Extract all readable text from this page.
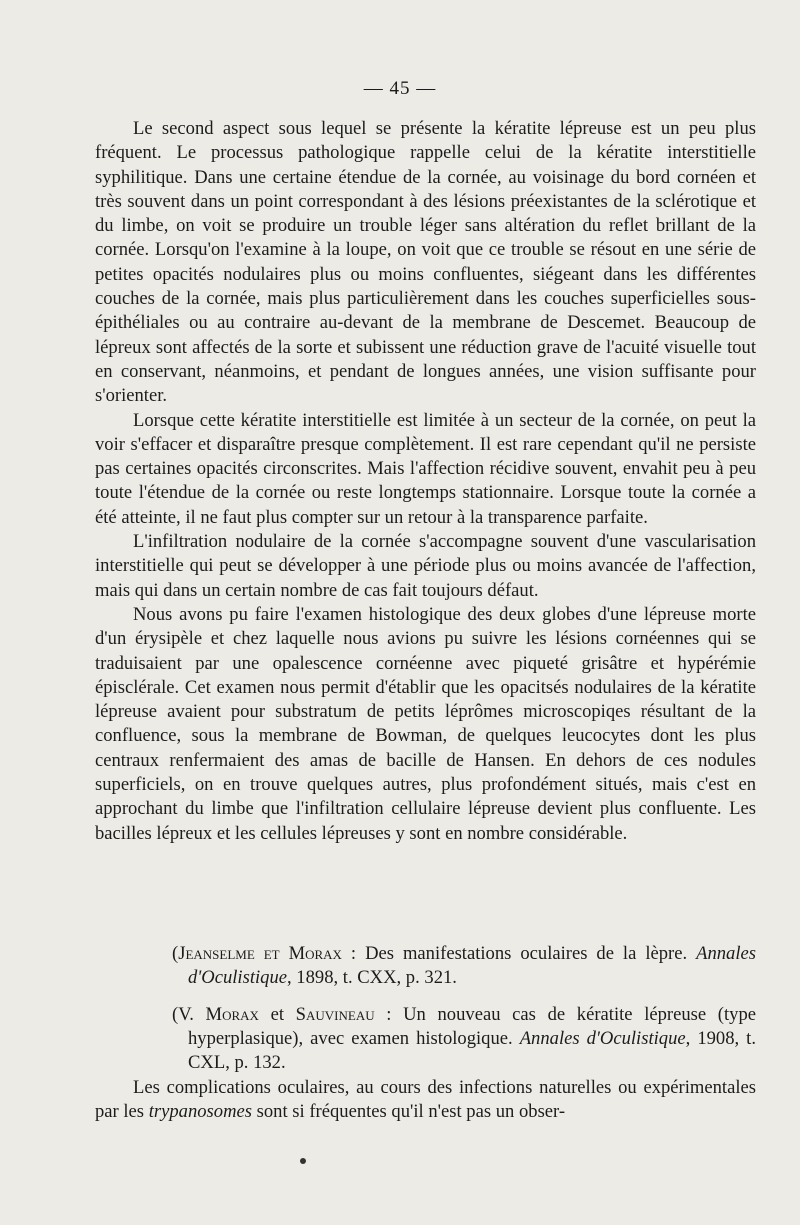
— 45 —

Le second aspect sous lequel se présente la kératite lépreuse est un peu plus fréquent. Le processus pathologique rappelle celui de la kératite interstitielle syphilitique. Dans une certaine étendue de la cornée, au voisinage du bord cornéen et très souvent dans un point correspondant à des lésions préexistantes de la sclérotique et du limbe, on voit se produire un trouble léger sans altération du reflet brillant de la cornée. Lorsqu'on l'examine à la loupe, on voit que ce trouble se résout en une série de petites opacités nodulaires plus ou moins confluentes, siégeant dans les différentes couches de la cornée, mais plus particulièrement dans les couches superficielles sous-épithéliales ou au contraire au-devant de la membrane de Descemet. Beaucoup de lépreux sont affectés de la sorte et subissent une réduction grave de l'acuité visuelle tout en conservant, néanmoins, et pendant de longues années, une vision suffisante pour s'orienter.

Lorsque cette kératite interstitielle est limitée à un secteur de la cornée, on peut la voir s'effacer et disparaître presque complètement. Il est rare cependant qu'il ne persiste pas certaines opacités circonscrites. Mais l'affection récidive souvent, envahit peu à peu toute l'étendue de la cornée ou reste longtemps stationnaire. Lorsque toute la cornée a été atteinte, il ne faut plus compter sur un retour à la transparence parfaite.

L'infiltration nodulaire de la cornée s'accompagne souvent d'une vascularisation interstitielle qui peut se développer à une période plus ou moins avancée de l'affection, mais qui dans un certain nombre de cas fait toujours défaut.

Nous avons pu faire l'examen histologique des deux globes d'une lépreuse morte d'un érysipèle et chez laquelle nous avions pu suivre les lésions cornéennes qui se traduisaient par une opalescence cornéenne avec piqueté grisâtre et hypérémie épisclérale. Cet examen nous permit d'établir que les opacitsés nodulaires de la kératite lépreuse avaient pour substratum de petits léprômes microscopiqes résultant de la confluence, sous la membrane de Bowman, de quelques leucocytes dont les plus centraux renfermaient des amas de bacille de Hansen. En dehors de ces nodules superficiels, on en trouve quelques autres, plus profondément situés, mais c'est en approchant du limbe que l'infiltration cellulaire lépreuse devient plus confluente. Les bacilles lépreux et les cellules lépreuses y sont en nombre considérable.

(Jeanselme et Morax : Des manifestations oculaires de la lèpre. Annales d'Oculistique, 1898, t. CXX, p. 321.

(V. Morax et Sauvineau : Un nouveau cas de kératite lépreuse (type hyperplasique), avec examen histologique. Annales d'Oculistique, 1908, t. CXL, p. 132.

Les complications oculaires, au cours des infections naturelles ou expérimentales par les trypanosomes sont si fréquentes qu'il n'est pas un obser-
